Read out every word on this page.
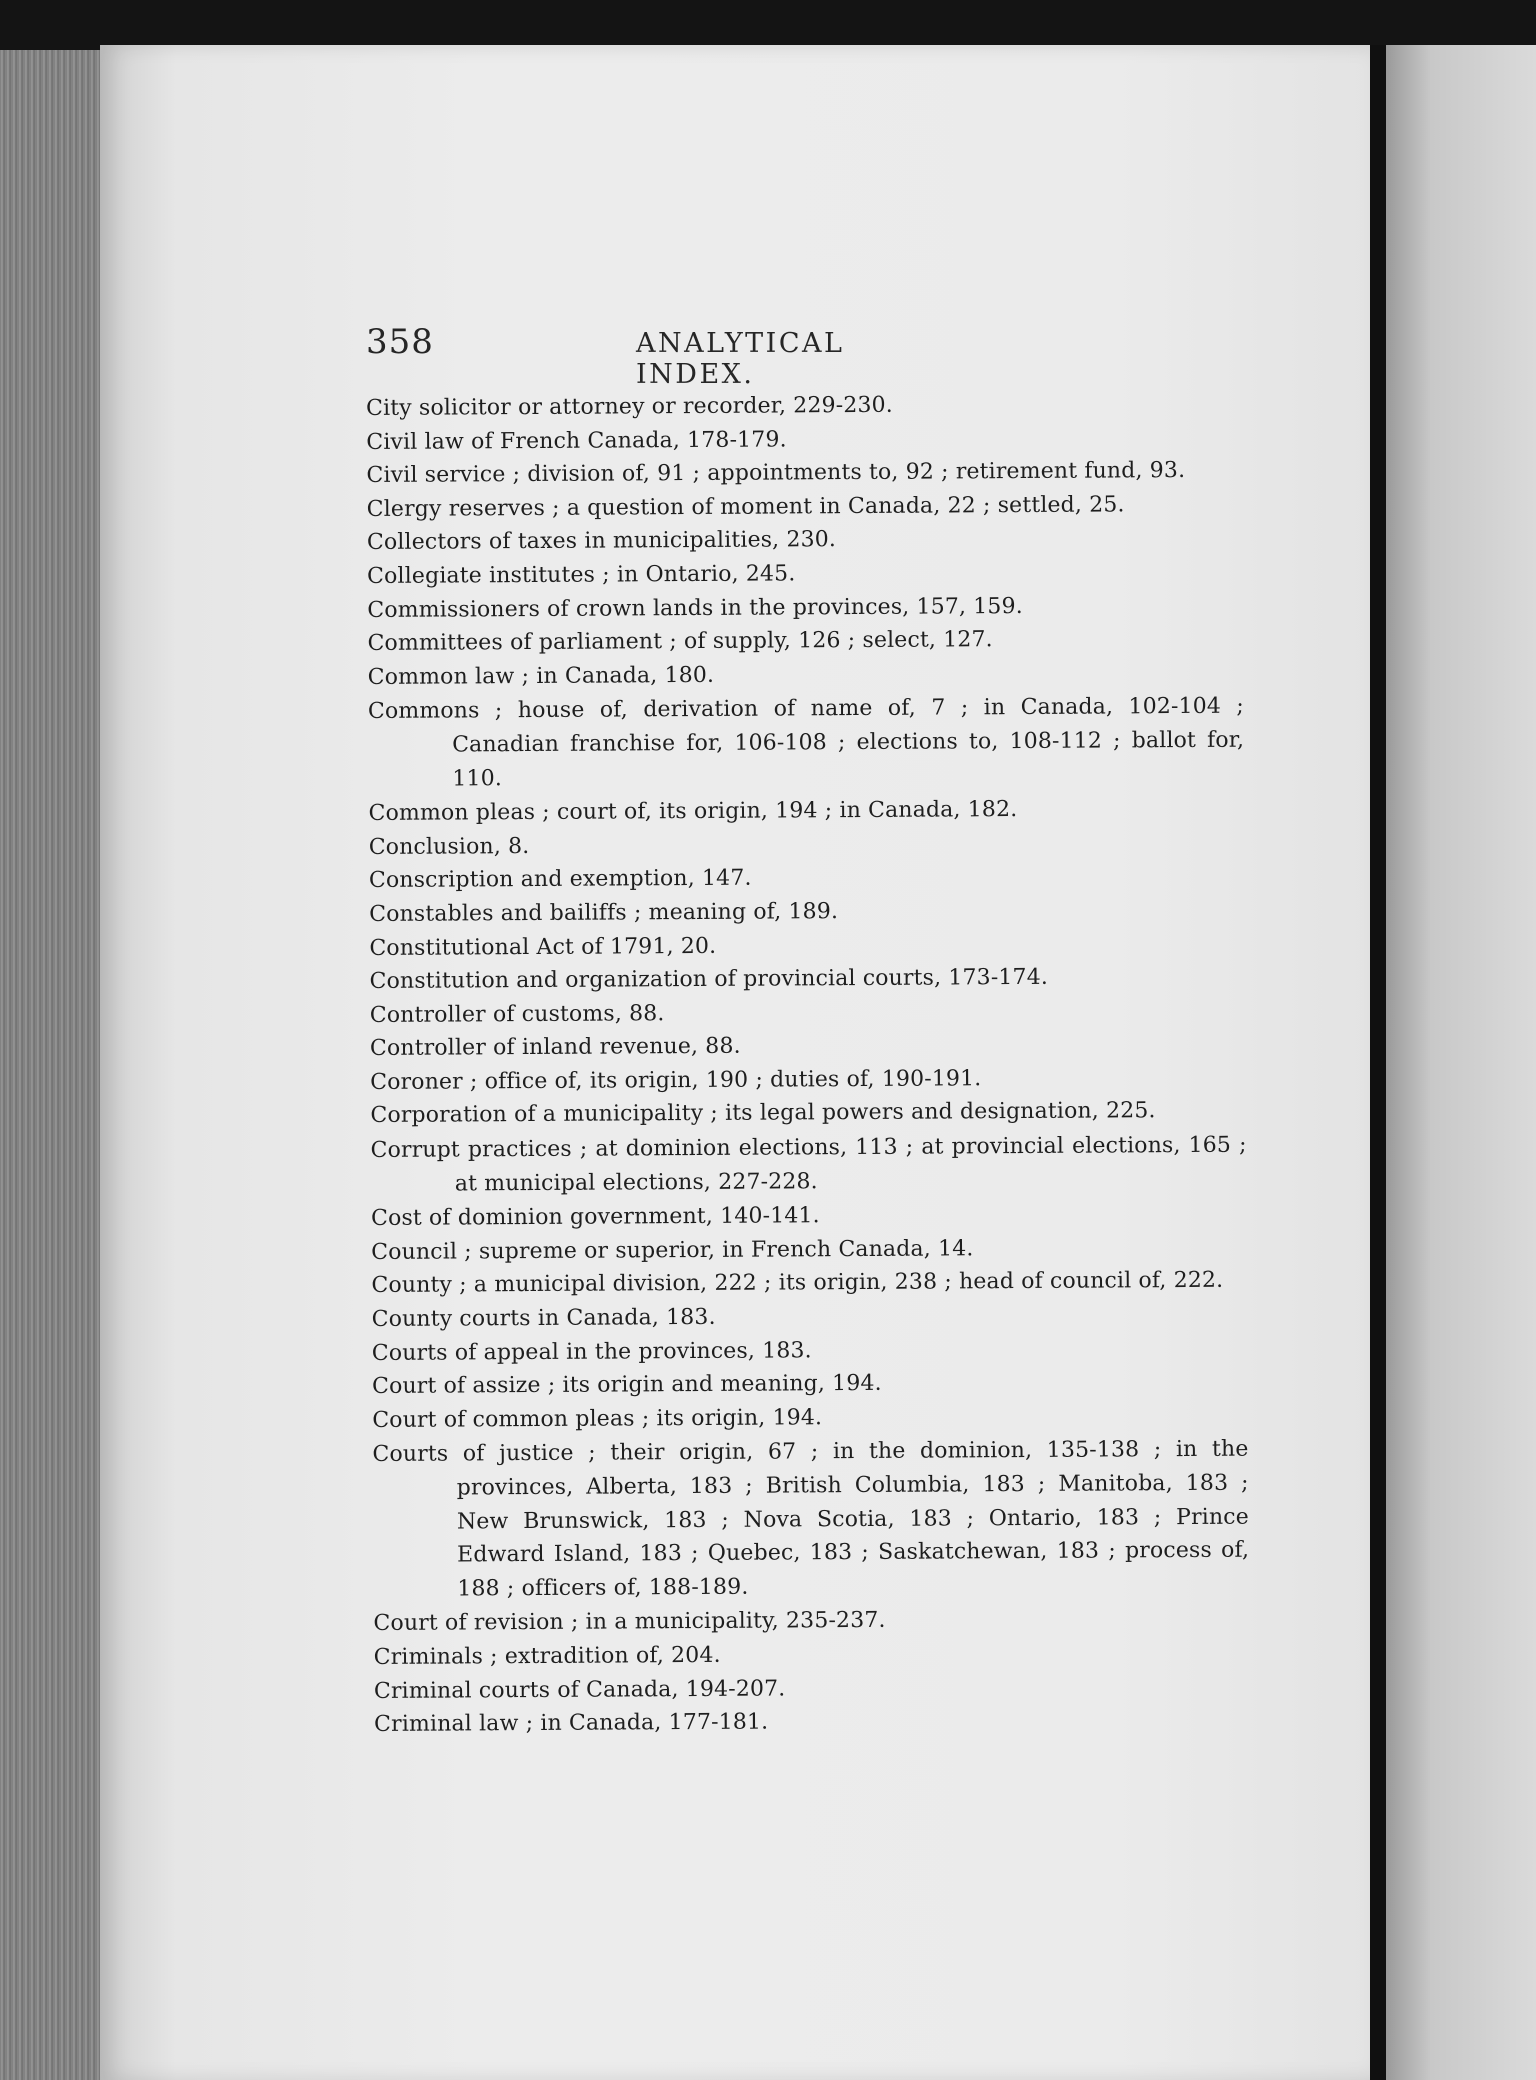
358	ANALYTICAL INDEX.
City solicitor or attorney or recorder, 229-230.
Civil law of French Canada, 178-179.
Civil service ; division of, 91 ; appointments to, 92 ; retirement fund, 93.
Clergy reserves ; a question of moment in Canada, 22 ; settled, 25.
Collectors of taxes in municipalities, 230.
Collegiate institutes ; in Ontario, 245.
Commissioners of crown lands in the provinces, 157, 159.
Committees of parliament ; of supply, 126 ; select, 127.
Common law ; in Canada, 180.
Commons ; house of, derivation of name of, 7 ; in Canada, 102-104 ; Canadian franchise for, 106-108 ; elections to, 108-112 ; ballot for, 110.
Common pleas ; court of, its origin, 194 ; in Canada, 182.
Conclusion, 8.
Conscription and exemption, 147.
Constables and bailiffs ; meaning of, 189.
Constitutional Act of 1791, 20.
Constitution and organization of provincial courts, 173-174.
Controller of customs, 88.
Controller of inland revenue, 88.
Coroner ; office of, its origin, 190 ; duties of, 190-191.
Corporation of a municipality ; its legal powers and designation, 225.
Corrupt practices ; at dominion elections, 113 ; at provincial elections, 165 ; at municipal elections, 227-228.
Cost of dominion government, 140-141.
Council ; supreme or superior, in French Canada, 14.
County ; a municipal division, 222 ; its origin, 238 ; head of council of, 222.
County courts in Canada, 183.
Courts of appeal in the provinces, 183.
Court of assize ; its origin and meaning, 194.
Court of common pleas ; its origin, 194.
Courts of justice ; their origin, 67 ; in the dominion, 135-138 ; in the provinces, Alberta, 183 ; British Columbia, 183 ; Manitoba, 183 ; New Brunswick, 183 ; Nova Scotia, 183 ; Ontario, 183 ; Prince Edward Island, 183 ; Quebec, 183 ; Saskatchewan, 183 ; process of, 188 ; officers of, 188-189.
Court of revision ; in a municipality, 235-237.
Criminals ; extradition of, 204.
Criminal courts of Canada, 194-207.
Criminal law ; in Canada, 177-181.
